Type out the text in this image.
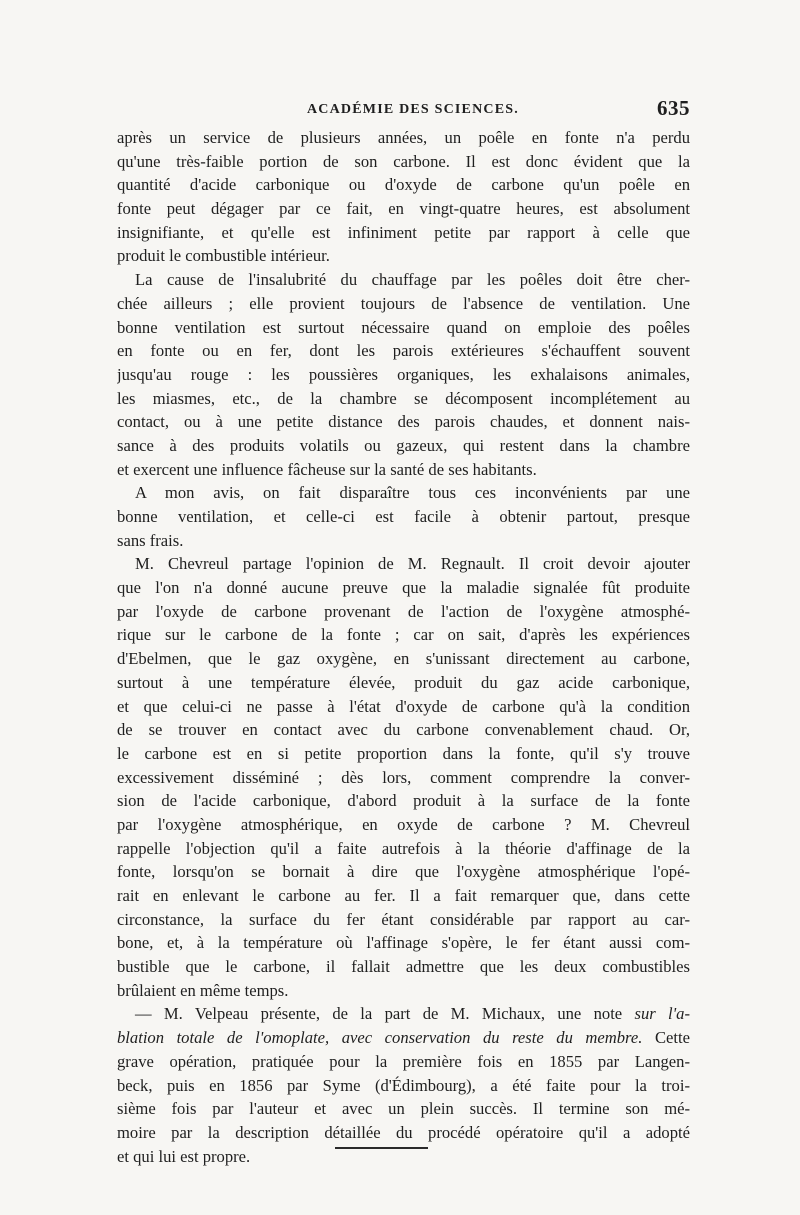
ACADÉMIE DES SCIENCES.	635
après un service de plusieurs années, un poêle en fonte n'a perdu
qu'une très-faible portion de son carbone. Il est donc évident que la
quantité d'acide carbonique ou d'oxyde de carbone qu'un poêle en
fonte peut dégager par ce fait, en vingt-quatre heures, est absolument
insignifiante, et qu'elle est infiniment petite par rapport à celle que
produit le combustible intérieur.
La cause de l'insalubrité du chauffage par les poêles doit être cher-
chée ailleurs ; elle provient toujours de l'absence de ventilation. Une
bonne ventilation est surtout nécessaire quand on emploie des poêles
en fonte ou en fer, dont les parois extérieures s'échauffent souvent
jusqu'au rouge : les poussières organiques, les exhalaisons animales,
les miasmes, etc., de la chambre se décomposent incomplétement au
contact, ou à une petite distance des parois chaudes, et donnent nais-
sance à des produits volatils ou gazeux, qui restent dans la chambre
et exercent une influence fâcheuse sur la santé de ses habitants.
A mon avis, on fait disparaître tous ces inconvénients par une
bonne ventilation, et celle-ci est facile à obtenir partout, presque
sans frais.
M. Chevreul partage l'opinion de M. Regnault. Il croit devoir ajouter
que l'on n'a donné aucune preuve que la maladie signalée fût produite
par l'oxyde de carbone provenant de l'action de l'oxygène atmosphé-
rique sur le carbone de la fonte ; car on sait, d'après les expériences
d'Ebelmen, que le gaz oxygène, en s'unissant directement au carbone,
surtout à une température élevée, produit du gaz acide carbonique,
et que celui-ci ne passe à l'état d'oxyde de carbone qu'à la condition
de se trouver en contact avec du carbone convenablement chaud. Or,
le carbone est en si petite proportion dans la fonte, qu'il s'y trouve
excessivement disséminé ; dès lors, comment comprendre la conver-
sion de l'acide carbonique, d'abord produit à la surface de la fonte
par l'oxygène atmosphérique, en oxyde de carbone ? M. Chevreul
rappelle l'objection qu'il a faite autrefois à la théorie d'affinage de la
fonte, lorsqu'on se bornait à dire que l'oxygène atmosphérique l'opé-
rait en enlevant le carbone au fer. Il a fait remarquer que, dans cette
circonstance, la surface du fer étant considérable par rapport au car-
bone, et, à la température où l'affinage s'opère, le fer étant aussi com-
bustible que le carbone, il fallait admettre que les deux combustibles
brûlaient en même temps.
— M. Velpeau présente, de la part de M. Michaux, une note sur l'a-
blation totale de l'omoplate, avec conservation du reste du membre. Cette
grave opération, pratiquée pour la première fois en 1855 par Langen-
beck, puis en 1856 par Syme (d'Édimbourg), a été faite pour la troi-
sième fois par l'auteur et avec un plein succès. Il termine son mé-
moire par la description détaillée du procédé opératoire qu'il a adopté
et qui lui est propre.
